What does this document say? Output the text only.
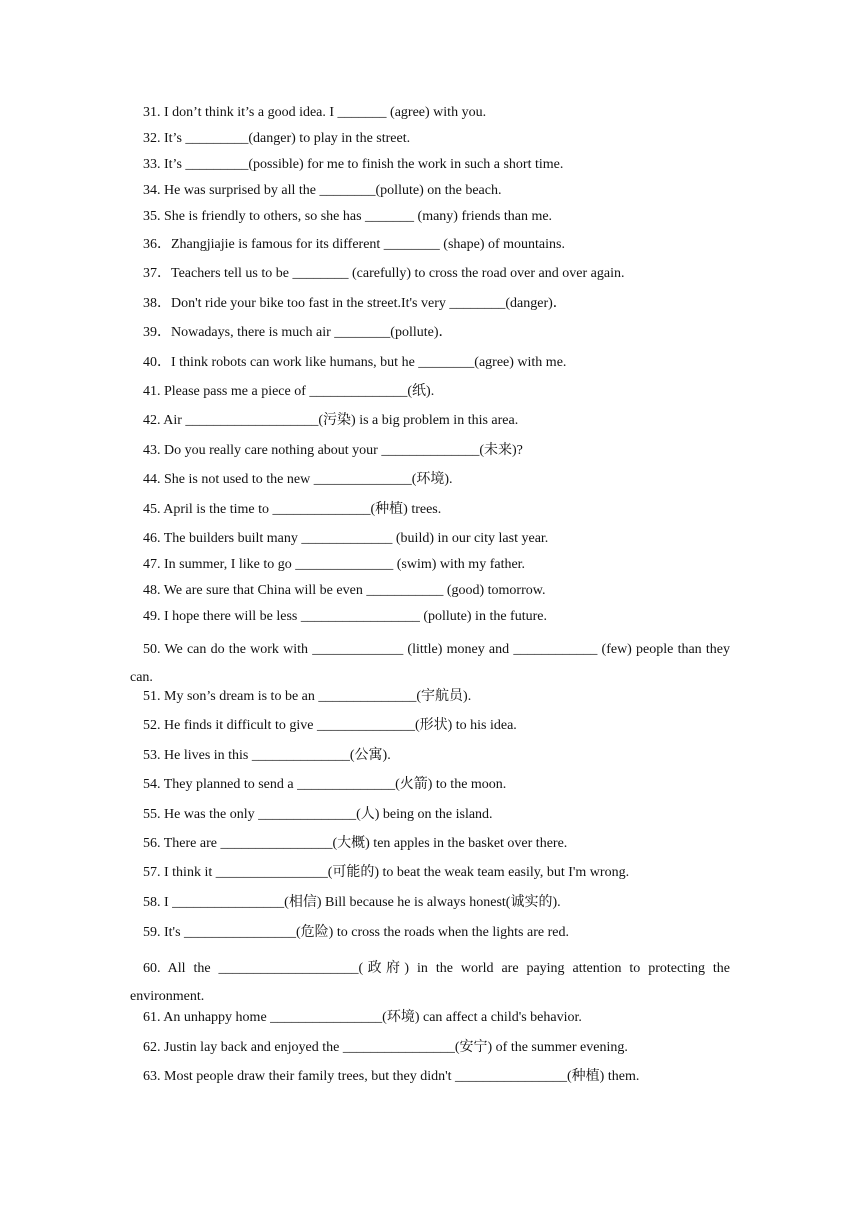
31. I don’t think it’s a good idea. I _______ (agree) with you.
32. It’s _________(danger) to play in the street.
33. It’s _________(possible) for me to finish the work in such a short time.
34. He was surprised by all the ________(pollute) on the beach.
35. She is friendly to others, so she has _______ (many) friends than me.
36．Zhangjiajie is famous for its different ________ (shape) of mountains.
37．Teachers tell us to be ________ (carefully) to cross the road over and over again.
38．Don't ride your bike too fast in the street.It's very ________(danger)．
39．Nowadays, there is much air ________(pollute)．
40．I think robots can work like humans, but he ________(agree) with me.
41. Please pass me a piece of ______________(纸).
42. Air ___________________(污染) is a big problem in this area.
43. Do you really care nothing about your ______________(未来)?
44. She is not used to the new ______________(环境).
45. April is the time to ______________(种植) trees.
46. The builders built many _____________ (build) in our city last year.
47. In summer, I like to go ______________ (swim) with my father.
48. We are sure that China will be even ___________ (good) tomorrow.
49. I hope there will be less _________________ (pollute) in the future.
50. We can do the work with _____________ (little) money and ____________ (few) people than they can.
51. My son’s dream is to be an ______________(宇航员).
52. He finds it difficult to give ______________(形状) to his idea.
53. He lives in this ______________(公寓).
54. They planned to send a ______________(火箭) to the moon.
55. He was the only ______________(人) being on the island.
56. There are ________________(大概) ten apples in the basket over there.
57. I think it ________________(可能的) to beat the weak team easily, but I'm wrong.
58. I ________________(相信) Bill because he is always honest(诚实的).
59. It's ________________(危险) to cross the roads when the lights are red.
60. All the ____________________(政府) in the world are paying attention to protecting the environment.
61. An unhappy home ________________(环境) can affect a child's behavior.
62. Justin lay back and enjoyed the ________________(安宁) of the summer evening.
63. Most people draw their family trees, but they didn't ________________(种植) them.
